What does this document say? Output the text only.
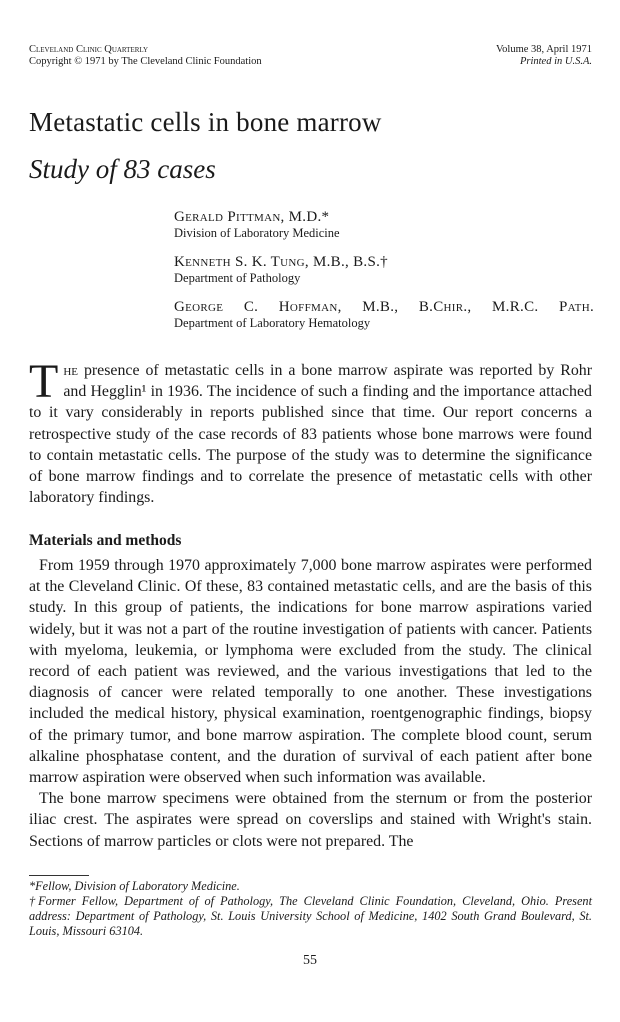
Cleveland Clinic Quarterly
Copyright © 1971 by The Cleveland Clinic Foundation
Volume 38, April 1971
Printed in U.S.A.
Metastatic cells in bone marrow
Study of 83 cases
Gerald Pittman, M.D.*
Division of Laboratory Medicine
Kenneth S. K. Tung, M.B., B.S.†
Department of Pathology
George C. Hoffman, M.B., B.Chir., M.R.C. Path.
Department of Laboratory Hematology

The presence of metastatic cells in a bone marrow aspirate was reported by Rohr and Hegglin¹ in 1936. The incidence of such a finding and the importance attached to it vary considerably in reports published since that time. Our report concerns a retrospective study of the case records of 83 patients whose bone marrows were found to contain metastatic cells. The purpose of the study was to determine the significance of bone marrow findings and to correlate the presence of metastatic cells with other laboratory findings.

Materials and methods

From 1959 through 1970 approximately 7,000 bone marrow aspirates were performed at the Cleveland Clinic. Of these, 83 contained metastatic cells, and are the basis of this study. In this group of patients, the indications for bone marrow aspirations varied widely, but it was not a part of the routine investigation of patients with cancer. Patients with myeloma, leukemia, or lymphoma were excluded from the study. The clinical record of each patient was reviewed, and the various investigations that led to the diagnosis of cancer were related temporally to one another. These investigations included the medical history, physical examination, roentgenographic findings, biopsy of the primary tumor, and bone marrow aspiration. The complete blood count, serum alkaline phosphatase content, and the duration of survival of each patient after bone marrow aspiration were observed when such information was available.

The bone marrow specimens were obtained from the sternum or from the posterior iliac crest. The aspirates were spread on coverslips and stained with Wright's stain. Sections of marrow particles or clots were not prepared. The

*Fellow, Division of Laboratory Medicine.

†Former Fellow, Department of of Pathology, The Cleveland Clinic Foundation, Cleveland, Ohio. Present address: Department of Pathology, St. Louis University School of Medicine, 1402 South Grand Boulevard, St. Louis, Missouri 63104.

55
